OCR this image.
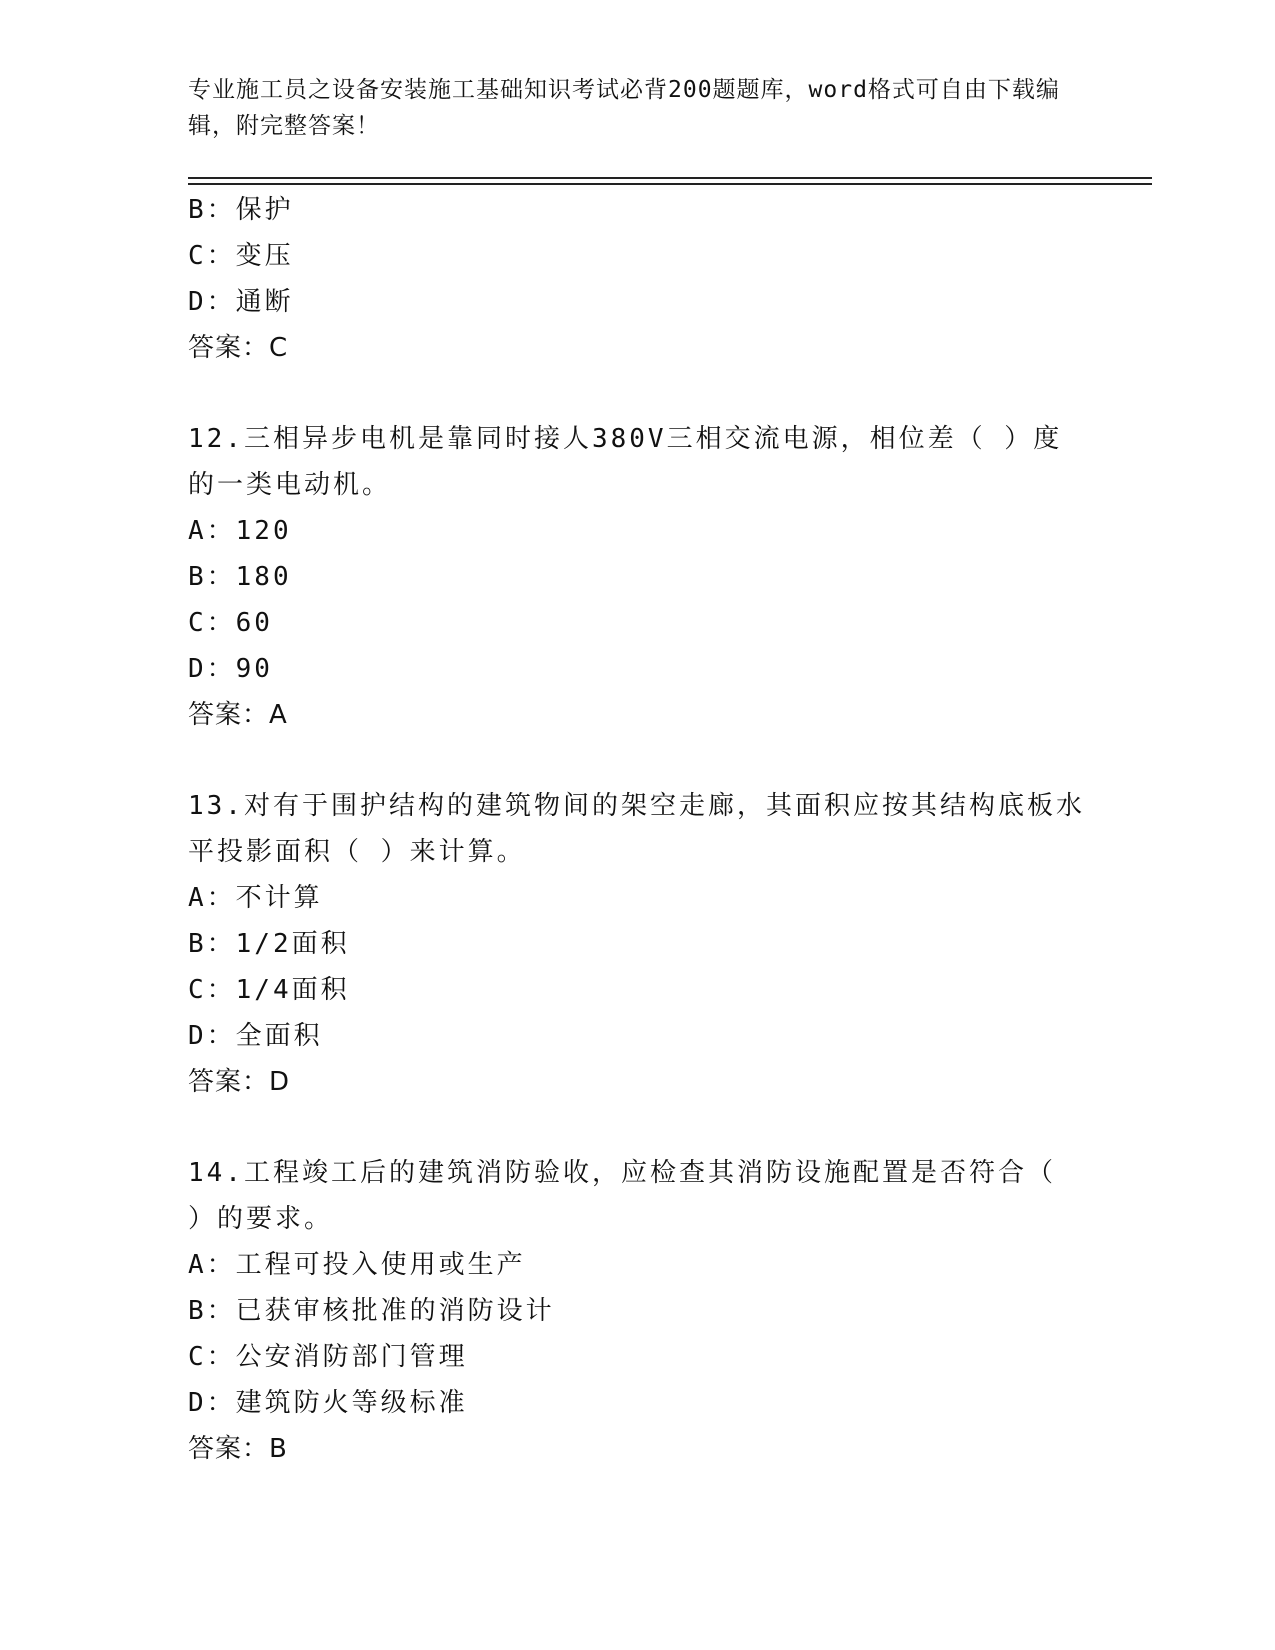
专业施工员之设备安装施工基础知识考试必背200题题库，word格式可自由下载编辑，附完整答案！
B：保护
C：变压
D：通断
答案：C
12.三相异步电机是靠同时接人380V三相交流电源，相位差（ ）度的一类电动机。
A：120
B：180
C：60
D：90
答案：A
13.对有于围护结构的建筑物间的架空走廊，其面积应按其结构底板水平投影面积（ ）来计算。
A：不计算
B：1/2面积
C：1/4面积
D：全面积
答案：D
14.工程竣工后的建筑消防验收，应检查其消防设施配置是否符合（ ）的要求。
A：工程可投入使用或生产
B：已获审核批准的消防设计
C：公安消防部门管理
D：建筑防火等级标准
答案：B
